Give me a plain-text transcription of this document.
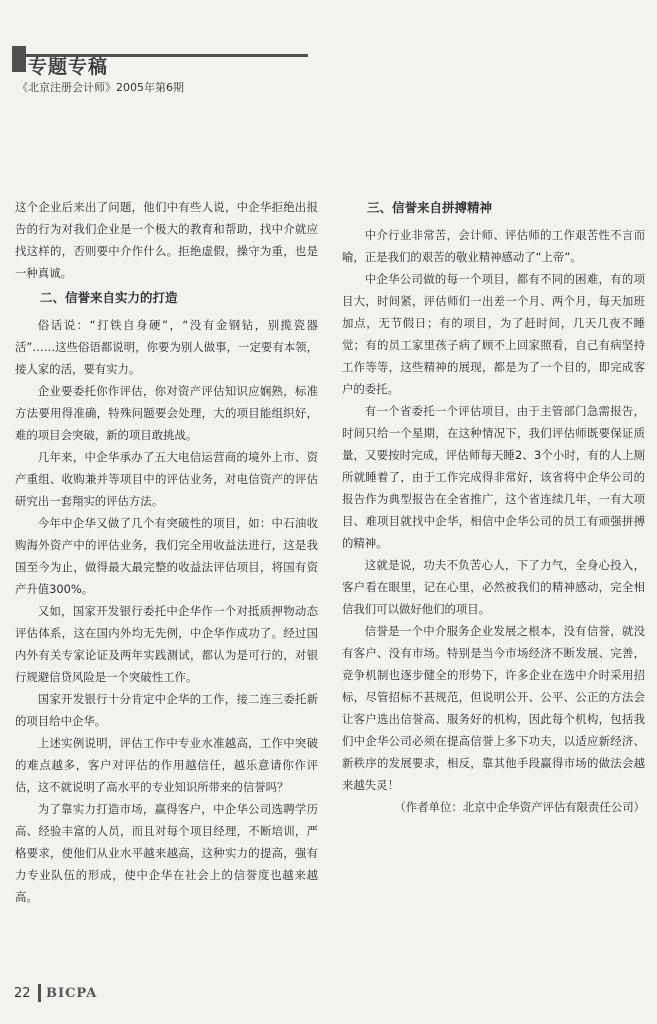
专题专稿
《北京注册会计师》2005年第6期

这个企业后来出了问题，他们中有些人说，中企华拒绝出报告的行为对我们企业是一个极大的教育和帮助，找中介就应找这样的，否则要中介作什么。拒绝虚假，操守为重，也是一种真诚。

二、信誉来自实力的打造

俗话说：“打铁自身硬”，“没有金钢钻，别揽瓷器活”……这些俗语都说明，你要为别人做事，一定要有本领，接人家的活，要有实力。

企业要委托你作评估，你对资产评估知识应娴熟，标准方法要用得准确，特殊问题要会处理，大的项目能组织好，难的项目会突破，新的项目敢挑战。

几年来，中企华承办了五大电信运营商的境外上市、资产重组、收购兼并等项目中的评估业务，对电信资产的评估研究出一套翔实的评估方法。

今年中企华又做了几个有突破性的项目，如：中石油收购海外资产中的评估业务，我们完全用收益法进行，这是我国至今为止，做得最大最完整的收益法评估项目，将国有资产升值300%。

又如，国家开发银行委托中企华作一个对抵质押物动态评估体系，这在国内外均无先例，中企华作成功了。经过国内外有关专家论证及两年实践测试，都认为是可行的，对银行规避信贷风险是一个突破性工作。

国家开发银行十分肯定中企华的工作，接二连三委托新的项目给中企华。

上述实例说明，评估工作中专业水准越高，工作中突破的难点越多，客户对评估的作用越信任，越乐意请你作评估，这不就说明了高水平的专业知识所带来的信誉吗？

为了靠实力打造市场，赢得客户，中企华公司选聘学历高、经验丰富的人员，而且对每个项目经理，不断培训，严格要求，使他们从业水平越来越高，这种实力的提高，强有力专业队伍的形成，使中企华在社会上的信誉度也越来越高。

三、信誉来自拼搏精神

中介行业非常苦，会计师、评估师的工作艰苦性不言而喻，正是我们的艰苦的敬业精神感动了“上帝”。

中企华公司做的每一个项目，都有不同的困难，有的项目大，时间紧，评估师们一出差一个月、两个月，每天加班加点，无节假日；有的项目，为了赶时间，几天几夜不睡觉；有的员工家里孩子病了顾不上回家照看，自己有病坚持工作等等，这些精神的展现，都是为了一个目的，即完成客户的委托。

有一个省委托一个评估项目，由于主管部门急需报告，时间只给一个星期，在这种情况下，我们评估师既要保证质量，又要按时完成，评估师每天睡2、3个小时，有的人上厕所就睡着了，由于工作完成得非常好，该省将中企华公司的报告作为典型报告在全省推广，这个省连续几年，一有大项目、难项目就找中企华，相信中企华公司的员工有顽强拼搏的精神。

这就是说，功夫不负苦心人，下了力气，全身心投入，客户看在眼里，记在心里，必然被我们的精神感动，完全相信我们可以做好他们的项目。

信誉是一个中介服务企业发展之根本，没有信誉，就没有客户、没有市场。特别是当今市场经济不断发展、完善，竞争机制也逐步健全的形势下，许多企业在选中介时采用招标，尽管招标不甚规范，但说明公开、公平、公正的方法会让客户选出信誉高、服务好的机构，因此每个机构，包括我们中企华公司必须在提高信誉上多下功夫，以适应新经济、新秩序的发展要求，相反，靠其他手段赢得市场的做法会越来越失灵！

（作者单位：北京中企华资产评估有限责任公司）

22 BICPA
